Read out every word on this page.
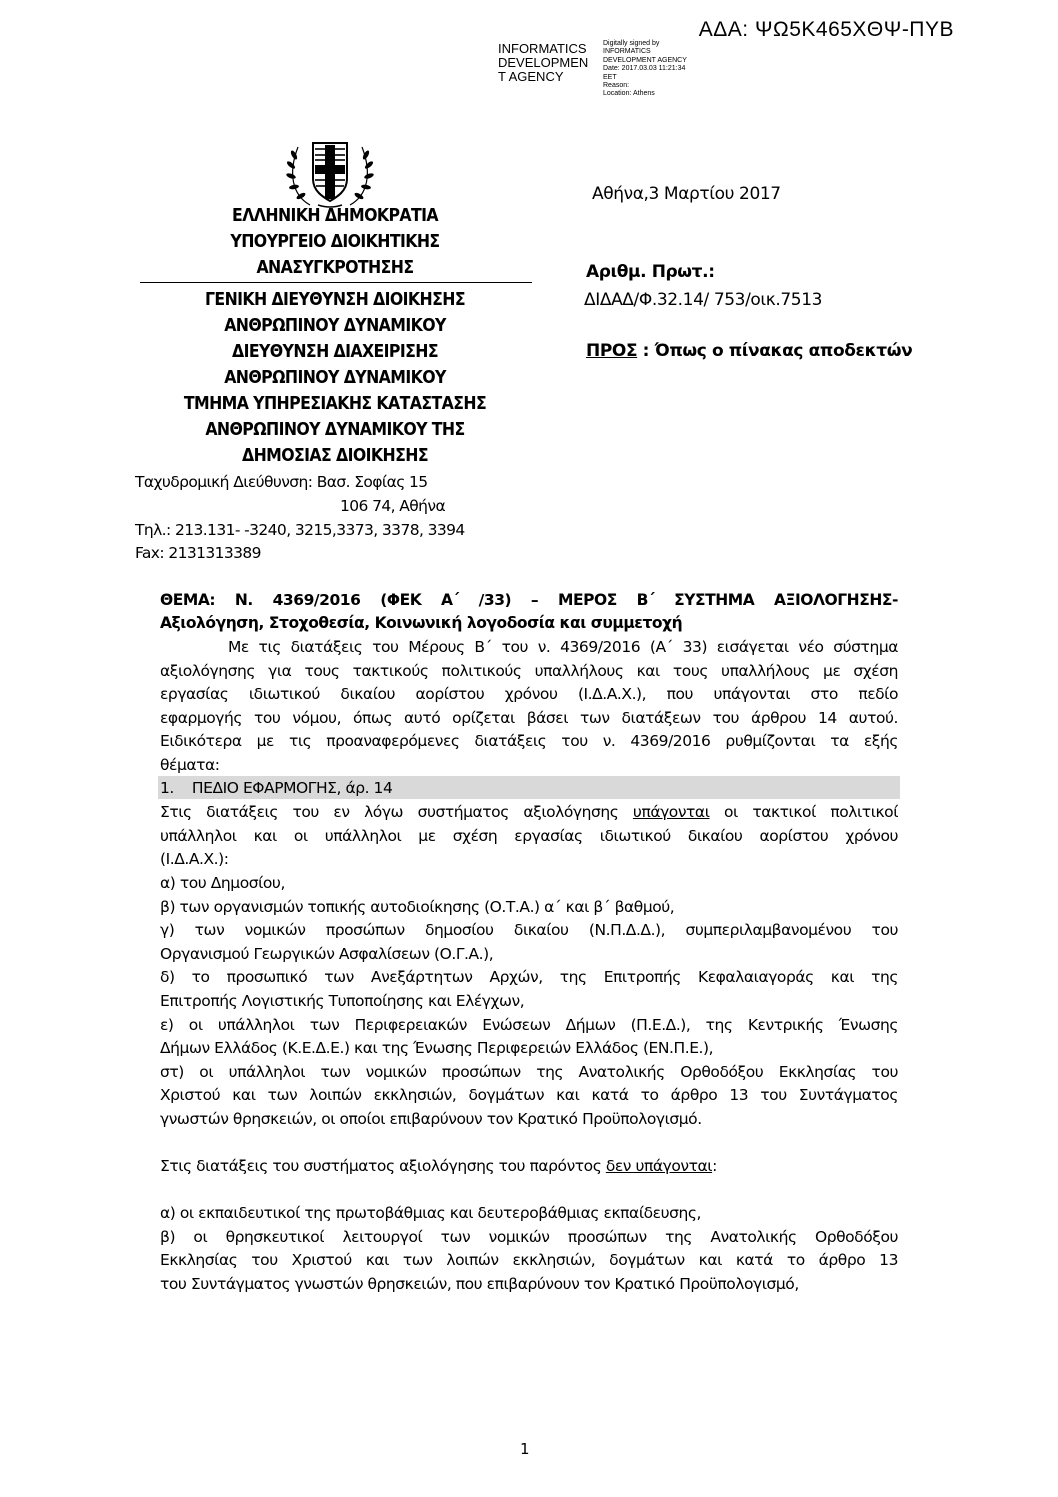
ΑΔΑ: ΨΩ5Κ465ΧΘΨ-ΠΥΒ
INFORMATICS
DEVELOPMEN
T AGENCY
Digitally signed by
INFORMATICS
DEVELOPMENT AGENCY
Date: 2017.03.03 11:21:34
EET
Reason:
Location: Athens
ΕΛΛΗΝΙΚΗ ΔΗΜΟΚΡΑΤΙΑ
ΥΠΟΥΡΓΕΙΟ ΔΙΟΙΚΗΤΙΚΗΣ
ΑΝΑΣΥΓΚΡΟΤΗΣΗΣ
ΓΕΝΙΚΗ ΔΙΕΥΘΥΝΣΗ ΔΙΟΙΚΗΣΗΣ
ΑΝΘΡΩΠΙΝΟΥ ΔΥΝΑΜΙΚΟΥ
ΔΙΕΥΘΥΝΣΗ ΔΙΑΧΕΙΡΙΣΗΣ
ΑΝΘΡΩΠΙΝΟΥ ΔΥΝΑΜΙΚΟΥ
ΤΜΗΜΑ ΥΠΗΡΕΣΙΑΚΗΣ ΚΑΤΑΣΤΑΣΗΣ
ΑΝΘΡΩΠΙΝΟΥ ΔΥΝΑΜΙΚΟΥ ΤΗΣ
ΔΗΜΟΣΙΑΣ ΔΙΟΙΚΗΣΗΣ
Ταχυδρομική Διεύθυνση: Βασ. Σοφίας 15
106 74, Αθήνα
Τηλ.: 213.131- -3240, 3215,3373, 3378, 3394
Fax: 2131313389
Αθήνα,3 Μαρτίου 2017
Αριθμ. Πρωτ.:
ΔΙΔΑΔ/Φ.32.14/ 753/οικ.7513
ΠΡΟΣ : Όπως ο πίνακας αποδεκτών
ΘΕΜΑ: Ν. 4369/2016 (ΦΕΚ Α΄ /33) – ΜΕΡΟΣ Β΄ ΣΥΣΤΗΜΑ ΑΞΙΟΛΟΓΗΣΗΣ-
Αξιολόγηση, Στοχοθεσία, Κοινωνική λογοδοσία και συμμετοχή
Με τις διατάξεις του Μέρους Β΄ του ν. 4369/2016 (Α΄ 33) εισάγεται νέο σύστημα
αξιολόγησης για τους τακτικούς πολιτικούς υπαλλήλους και τους υπαλλήλους με σχέση
εργασίας ιδιωτικού δικαίου αορίστου χρόνου (Ι.Δ.Α.Χ.), που υπάγονται στο πεδίο
εφαρμογής του νόμου, όπως αυτό ορίζεται βάσει των διατάξεων του άρθρου 14 αυτού.
Ειδικότερα με τις προαναφερόμενες διατάξεις του ν. 4369/2016 ρυθμίζονται τα εξής
θέματα:
1. ΠΕΔΙΟ ΕΦΑΡΜΟΓΗΣ, άρ. 14
Στις διατάξεις του εν λόγω συστήματος αξιολόγησης υπάγονται οι τακτικοί πολιτικοί
υπάλληλοι και οι υπάλληλοι με σχέση εργασίας ιδιωτικού δικαίου αορίστου χρόνου
(Ι.Δ.Α.Χ.):
α) του Δημοσίου,
β) των οργανισμών τοπικής αυτοδιοίκησης (Ο.Τ.Α.) α΄ και β΄ βαθμού,
γ) των νομικών προσώπων δημοσίου δικαίου (Ν.Π.Δ.Δ.), συμπεριλαμβανομένου του
Οργανισμού Γεωργικών Ασφαλίσεων (Ο.Γ.Α.),
δ) το προσωπικό των Ανεξάρτητων Αρχών, της Επιτροπής Κεφαλαιαγοράς και της
Επιτροπής Λογιστικής Τυποποίησης και Ελέγχων,
ε) οι υπάλληλοι των Περιφερειακών Ενώσεων Δήμων (Π.Ε.Δ.), της Κεντρικής Ένωσης
Δήμων Ελλάδος (Κ.Ε.Δ.Ε.) και της Ένωσης Περιφερειών Ελλάδος (ΕΝ.Π.Ε.),
στ) οι υπάλληλοι των νομικών προσώπων της Ανατολικής Ορθοδόξου Εκκλησίας του
Χριστού και των λοιπών εκκλησιών, δογμάτων και κατά το άρθρο 13 του Συντάγματος
γνωστών θρησκειών, οι οποίοι επιβαρύνουν τον Κρατικό Προϋπολογισμό.
Στις διατάξεις του συστήματος αξιολόγησης του παρόντος δεν υπάγονται:
α) οι εκπαιδευτικοί της πρωτοβάθμιας και δευτεροβάθμιας εκπαίδευσης,
β) οι θρησκευτικοί λειτουργοί των νομικών προσώπων της Ανατολικής Ορθοδόξου
Εκκλησίας του Χριστού και των λοιπών εκκλησιών, δογμάτων και κατά το άρθρο 13
του Συντάγματος γνωστών θρησκειών, που επιβαρύνουν τον Κρατικό Προϋπολογισμό,
1
